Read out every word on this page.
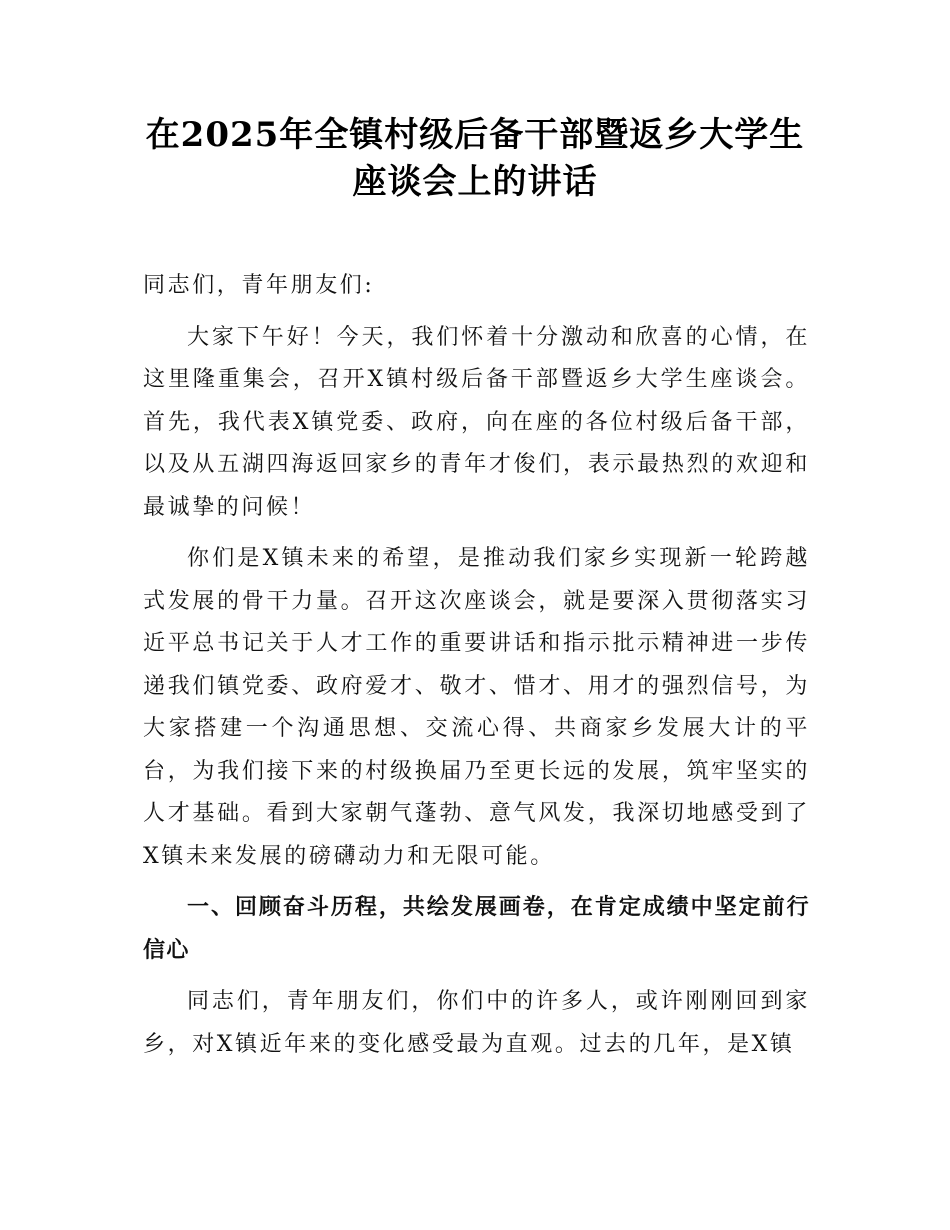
在2025年全镇村级后备干部暨返乡大学生座谈会上的讲话

同志们，青年朋友们:

大家下午好！今天，我们怀着十分激动和欣喜的心情，在这里隆重集会，召开X镇村级后备干部暨返乡大学生座谈会。首先，我代表X镇党委、政府，向在座的各位村级后备干部，以及从五湖四海返回家乡的青年才俊们，表示最热烈的欢迎和最诚挚的问候！

你们是X镇未来的希望，是推动我们家乡实现新一轮跨越式发展的骨干力量。召开这次座谈会，就是要深入贯彻落实习近平总书记关于人才工作的重要讲话和指示批示精神进一步传递我们镇党委、政府爱才、敬才、惜才、用才的强烈信号，为大家搭建一个沟通思想、交流心得、共商家乡发展大计的平台，为我们接下来的村级换届乃至更长远的发展，筑牢坚实的人才基础。看到大家朝气蓬勃、意气风发，我深切地感受到了X镇未来发展的磅礴动力和无限可能。

一、回顾奋斗历程，共绘发展画卷，在肯定成绩中坚定前行信心

同志们，青年朋友们，你们中的许多人，或许刚刚回到家乡，对X镇近年来的变化感受最为直观。过去的几年，是X镇
